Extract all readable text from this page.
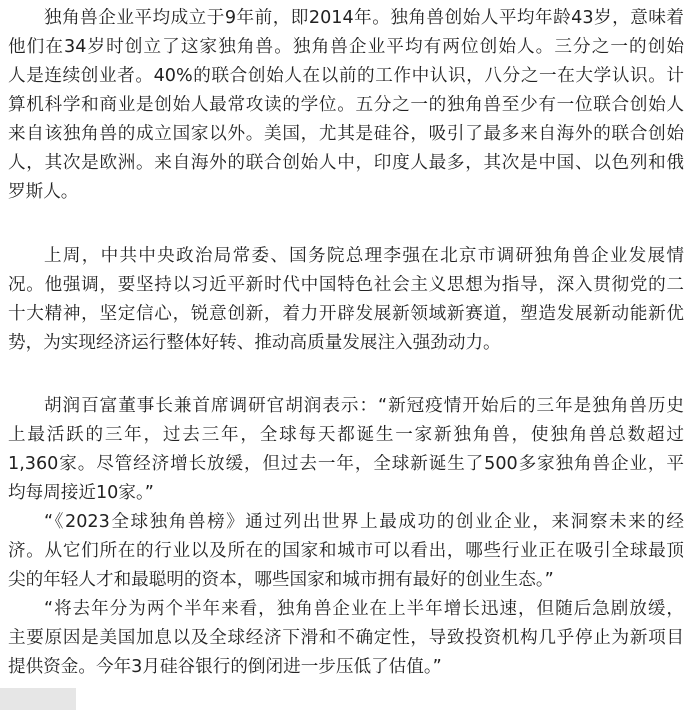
独角兽企业平均成立于9年前，即2014年。独角兽创始人平均年龄43岁，意味着
他们在34岁时创立了这家独角兽。独角兽企业平均有两位创始人。三分之一的创始
人是连续创业者。40%的联合创始人在以前的工作中认识，八分之一在大学认识。计
算机科学和商业是创始人最常攻读的学位。五分之一的独角兽至少有一位联合创始人
来自该独角兽的成立国家以外。美国，尤其是硅谷，吸引了最多来自海外的联合创始
人，其次是欧洲。来自海外的联合创始人中，印度人最多，其次是中国、以色列和俄
罗斯人。
上周，中共中央政治局常委、国务院总理李强在北京市调研独角兽企业发展情
况。他强调，要坚持以习近平新时代中国特色社会主义思想为指导，深入贯彻党的二
十大精神，坚定信心，锐意创新，着力开辟发展新领域新赛道，塑造发展新动能新优
势，为实现经济运行整体好转、推动高质量发展注入强劲动力。
胡润百富董事长兼首席调研官胡润表示：“新冠疫情开始后的三年是独角兽历史
上最活跃的三年，过去三年，全球每天都诞生一家新独角兽，使独角兽总数超过
1,360家。尽管经济增长放缓，但过去一年，全球新诞生了500多家独角兽企业，平
均每周接近10家。”
“《2023全球独角兽榜》通过列出世界上最成功的创业企业，来洞察未来的经
济。从它们所在的行业以及所在的国家和城市可以看出，哪些行业正在吸引全球最顶
尖的年轻人才和最聪明的资本，哪些国家和城市拥有最好的创业生态。”
“将去年分为两个半年来看，独角兽企业在上半年增长迅速，但随后急剧放缓，
主要原因是美国加息以及全球经济下滑和不确定性，导致投资机构几乎停止为新项目
提供资金。今年3月硅谷银行的倒闭进一步压低了估值。”
